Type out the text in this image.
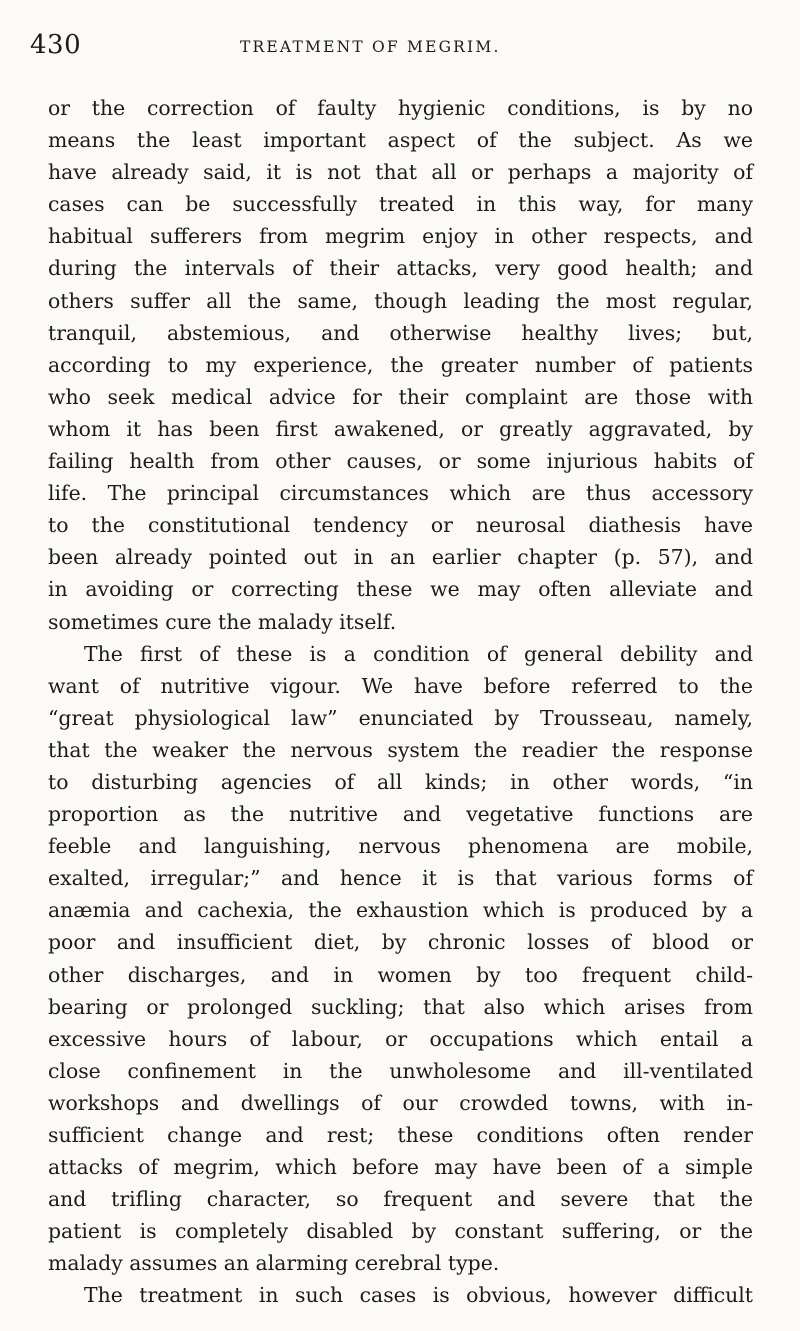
430	TREATMENT OF MEGRIM.
or the correction of faulty hygienic conditions, is by no
means the least important aspect of the subject. As we
have already said, it is not that all or perhaps a majority of
cases can be successfully treated in this way, for many
habitual sufferers from megrim enjoy in other respects, and
during the intervals of their attacks, very good health; and
others suffer all the same, though leading the most regular,
tranquil, abstemious, and otherwise healthy lives; but,
according to my experience, the greater number of patients
who seek medical advice for their complaint are those with
whom it has been first awakened, or greatly aggravated, by
failing health from other causes, or some injurious habits of
life. The principal circumstances which are thus accessory
to the constitutional tendency or neurosal diathesis have
been already pointed out in an earlier chapter (p. 57), and
in avoiding or correcting these we may often alleviate and
sometimes cure the malady itself.
The first of these is a condition of general debility and
want of nutritive vigour. We have before referred to the
“great physiological law” enunciated by Trousseau, namely,
that the weaker the nervous system the readier the response
to disturbing agencies of all kinds; in other words, “in
proportion as the nutritive and vegetative functions are
feeble and languishing, nervous phenomena are mobile,
exalted, irregular;” and hence it is that various forms of
anæmia and cachexia, the exhaustion which is produced by a
poor and insufficient diet, by chronic losses of blood or
other discharges, and in women by too frequent child-
bearing or prolonged suckling; that also which arises from
excessive hours of labour, or occupations which entail a
close confinement in the unwholesome and ill-ventilated
workshops and dwellings of our crowded towns, with in-
sufficient change and rest; these conditions often render
attacks of megrim, which before may have been of a simple
and trifling character, so frequent and severe that the
patient is completely disabled by constant suffering, or the
malady assumes an alarming cerebral type.
The treatment in such cases is obvious, however difficult
